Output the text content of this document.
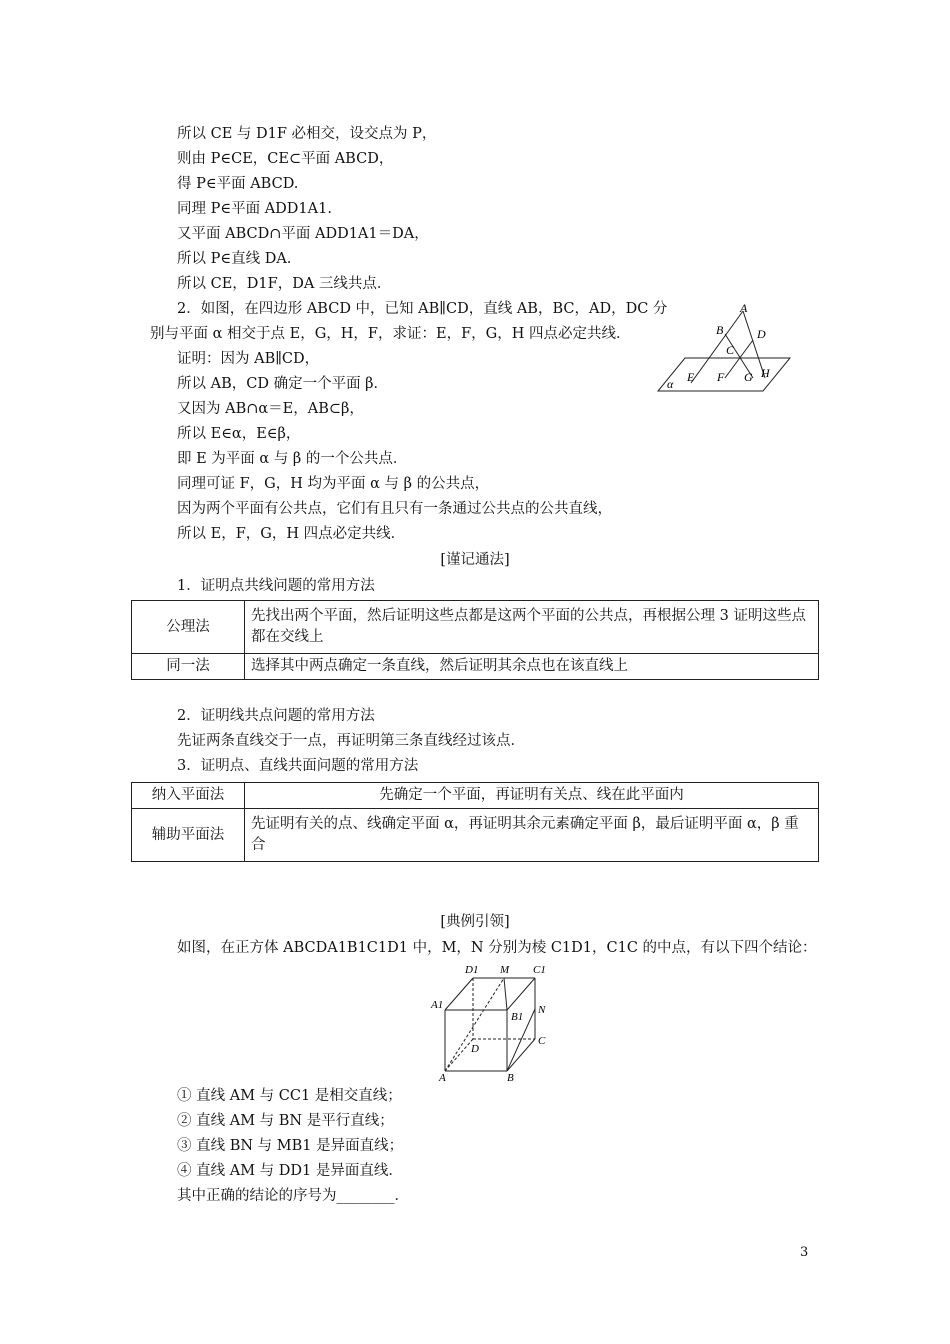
所以 CE 与 D1F 必相交，设交点为 P，
则由 P∈CE，CE⊂平面 ABCD，
得 P∈平面 ABCD.
同理 P∈平面 ADD1A1.
又平面 ABCD∩平面 ADD1A1＝DA，
所以 P∈直线 DA.
所以 CE，D1F，DA 三线共点．
2．如图，在四边形 ABCD 中，已知 AB∥CD，直线 AB，BC，AD，DC 分
别与平面 α 相交于点 E，G，H，F，求证：E，F，G，H 四点必定共线．
证明：因为 AB∥CD，
所以 AB，CD 确定一个平面 β．
又因为 AB∩α＝E，AB⊂β，
所以 E∈α，E∈β，
即 E 为平面 α 与 β 的一个公共点．
同理可证 F，G，H 均为平面 α 与 β 的公共点，
因为两个平面有公共点，它们有且只有一条通过公共点的公共直线，
所以 E，F，G，H 四点必定共线．
A
B
C
D
E F G H
α
[谨记通法]
1．证明点共线问题的常用方法
公理法	先找出两个平面，然后证明这些点都是这两个平面的公共点，再根据公理 3 证明这些点都在交线上
同一法	选择其中两点确定一条直线，然后证明其余点也在该直线上
2．证明线共点问题的常用方法
先证两条直线交于一点，再证明第三条直线经过该点．
3．证明点、直线共面问题的常用方法
纳入平面法	先确定一个平面，再证明有关点、线在此平面内
辅助平面法	先证明有关的点、线确定平面 α，再证明其余元素确定平面 β，最后证明平面 α，β 重合
[典例引领]
如图，在正方体 ABCDA1B1C1D1 中，M，N 分别为棱 C1D1，C1C 的中点，有以下四个结论：
D1 M C1
A1
B1
N
D
C
A	B
① 直线 AM 与 CC1 是相交直线；
② 直线 AM 与 BN 是平行直线；
③ 直线 BN 与 MB1 是异面直线；
④ 直线 AM 与 DD1 是异面直线．
其中正确的结论的序号为________．
3
